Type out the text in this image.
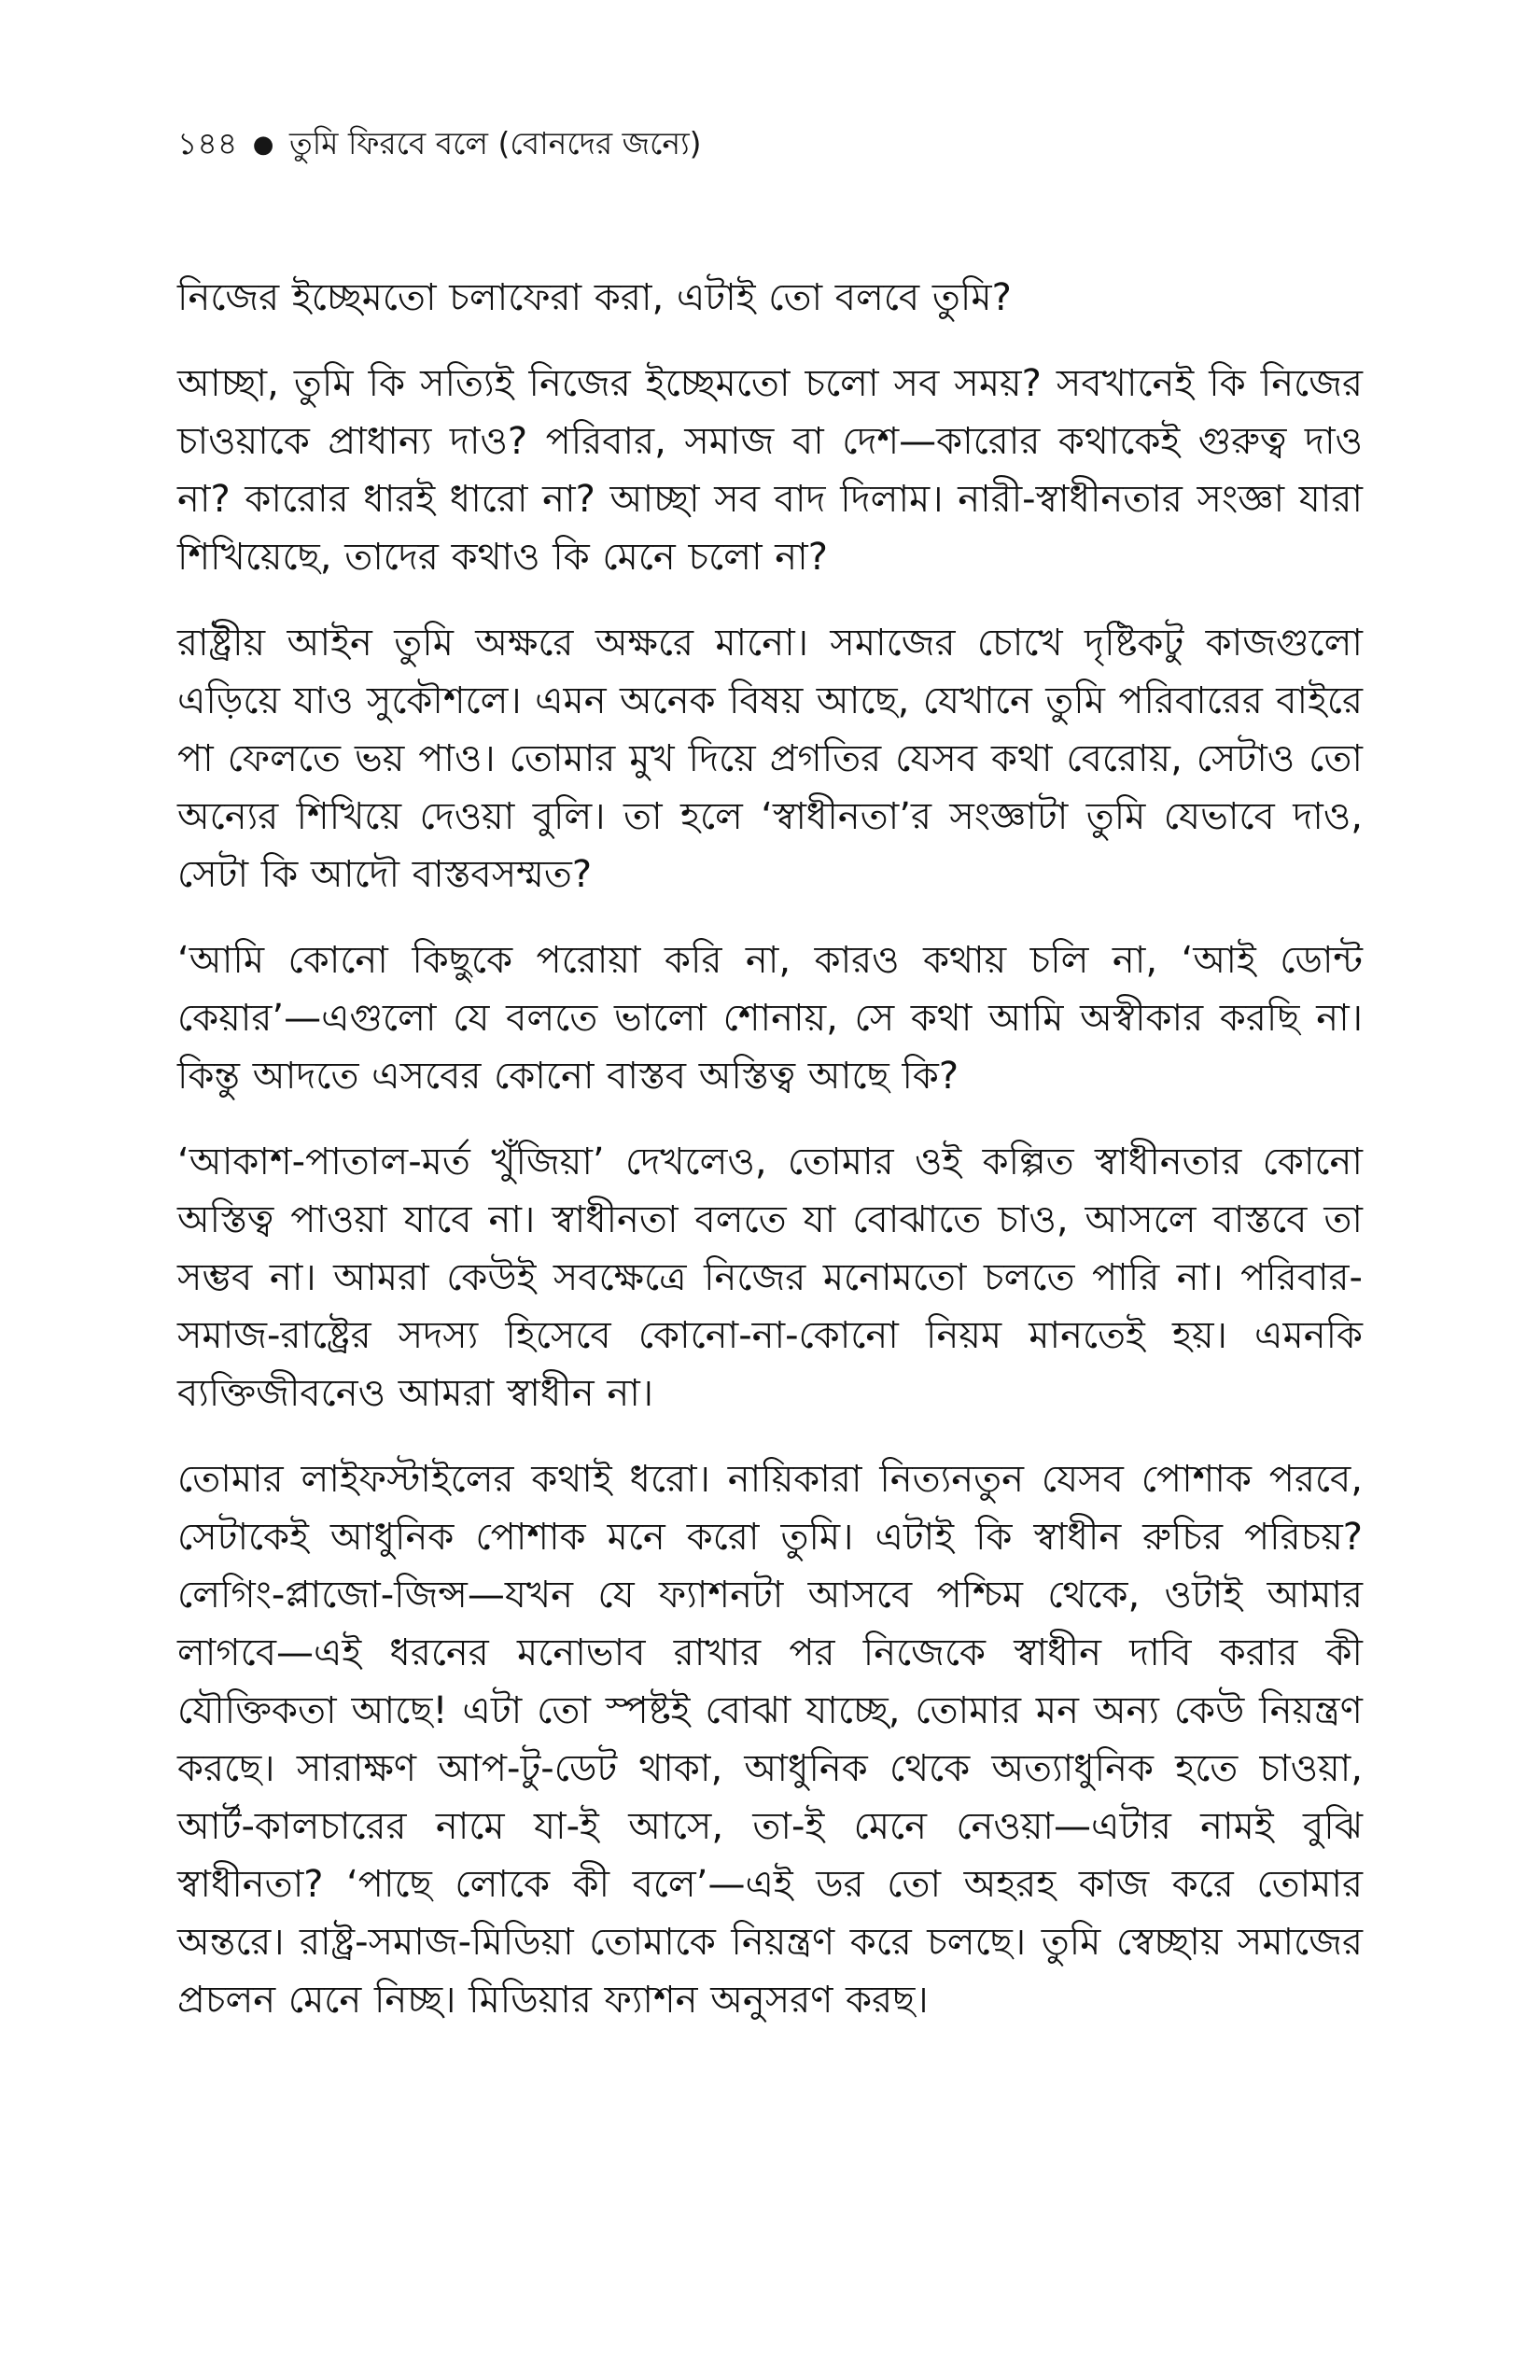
১৪৪ ● তুমি ফিরবে বলে (বোনদের জন্যে)

নিজের ইচ্ছেমতো চলাফেরা করা, এটাই তো বলবে তুমি?

আচ্ছা, তুমি কি সত্যিই নিজের ইচ্ছেমতো চলো সব সময়? সবখানেই কি নিজের চাওয়াকে প্রাধান্য দাও? পরিবার, সমাজ বা দেশ—কারোর কথাকেই গুরুত্ব দাও না? কারোর ধারই ধারো না? আচ্ছা সব বাদ দিলাম। নারী-স্বাধীনতার সংজ্ঞা যারা শিখিয়েছে, তাদের কথাও কি মেনে চলো না?

রাষ্ট্রীয় আইন তুমি অক্ষরে অক্ষরে মানো। সমাজের চোখে দৃষ্টিকটু কাজগুলো এড়িয়ে যাও সুকৌশলে। এমন অনেক বিষয় আছে, যেখানে তুমি পরিবারের বাইরে পা ফেলতে ভয় পাও। তোমার মুখ দিয়ে প্রগতির যেসব কথা বেরোয়, সেটাও তো অন্যের শিখিয়ে দেওয়া বুলি। তা হলে ‘স্বাধীনতা’র সংজ্ঞাটা তুমি যেভাবে দাও, সেটা কি আদৌ বাস্তবসম্মত?

‘আমি কোনো কিছুকে পরোয়া করি না, কারও কথায় চলি না, ‘আই ডোন্ট কেয়ার’—এগুলো যে বলতে ভালো শোনায়, সে কথা আমি অস্বীকার করছি না। কিন্তু আদতে এসবের কোনো বাস্তব অস্তিত্ব আছে কি?

‘আকাশ-পাতাল-মর্ত খুঁজিয়া’ দেখলেও, তোমার ওই কল্পিত স্বাধীনতার কোনো অস্তিত্ব পাওয়া যাবে না। স্বাধীনতা বলতে যা বোঝাতে চাও, আসলে বাস্তবে তা সম্ভব না। আমরা কেউই সবক্ষেত্রে নিজের মনোমতো চলতে পারি না। পরিবার-সমাজ-রাষ্ট্রের সদস্য হিসেবে কোনো-না-কোনো নিয়ম মানতেই হয়। এমনকি ব্যক্তিজীবনেও আমরা স্বাধীন না।

তোমার লাইফস্টাইলের কথাই ধরো। নায়িকারা নিত্যনতুন যেসব পোশাক পরবে, সেটাকেই আধুনিক পোশাক মনে করো তুমি। এটাই কি স্বাধীন রুচির পরিচয়? লেগিং-প্লাজো-জিন্স—যখন যে ফ্যাশনটা আসবে পশ্চিম থেকে, ওটাই আমার লাগবে—এই ধরনের মনোভাব রাখার পর নিজেকে স্বাধীন দাবি করার কী যৌক্তিকতা আছে! এটা তো স্পষ্টই বোঝা যাচ্ছে, তোমার মন অন্য কেউ নিয়ন্ত্রণ করছে। সারাক্ষণ আপ-টু-ডেট থাকা, আধুনিক থেকে অত্যাধুনিক হতে চাওয়া, আর্ট-কালচারের নামে যা-ই আসে, তা-ই মেনে নেওয়া—এটার নামই বুঝি স্বাধীনতা? ‘পাছে লোকে কী বলে’—এই ডর তো অহরহ কাজ করে তোমার অন্তরে। রাষ্ট্র-সমাজ-মিডিয়া তোমাকে নিয়ন্ত্রণ করে চলছে। তুমি স্বেচ্ছায় সমাজের প্রচলন মেনে নিচ্ছ। মিডিয়ার ফ্যাশন অনুসরণ করছ।
